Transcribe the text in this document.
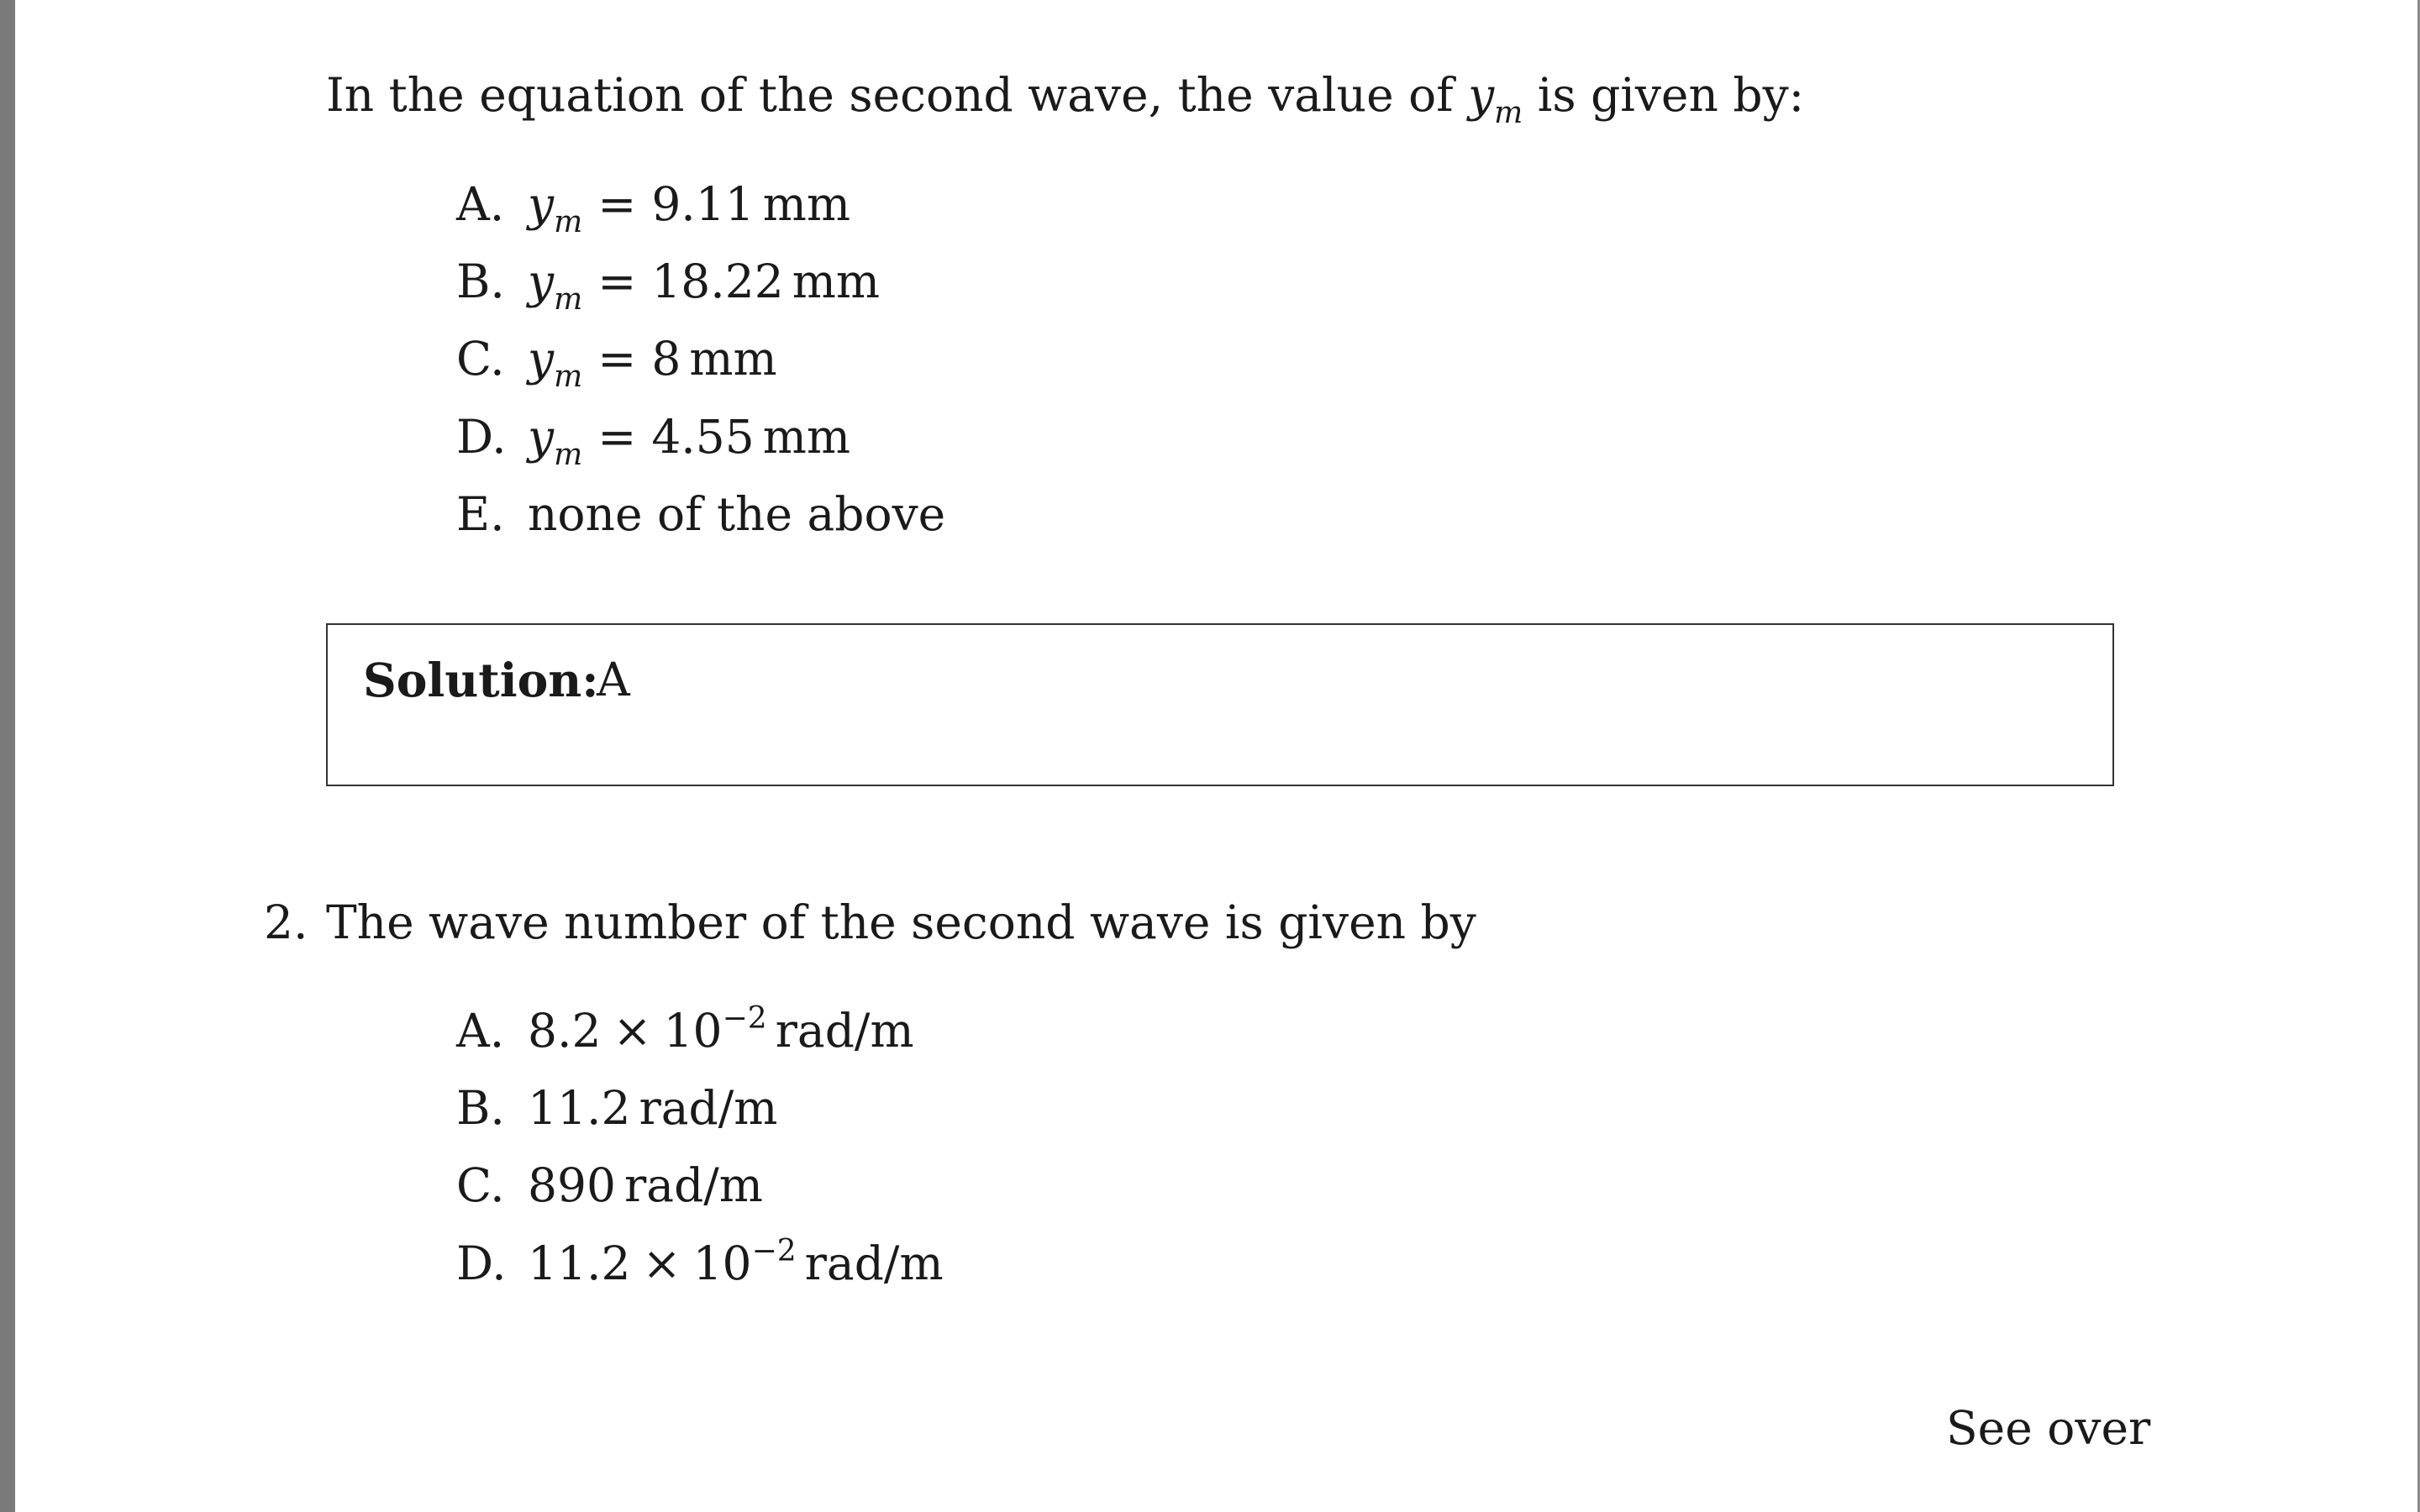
In the equation of the second wave, the value of $y_m$ is given by:
A. $y_m = 9.11$ mm
B. $y_m = 18.22$ mm
C. $y_m = 8$ mm
D. $y_m = 4.55$ mm
E. none of the above
Solution:
A
2. The wave number of the second wave is given by
A. $8.2 \times 10^{-2}$ rad/m
B. 11.2 rad/m
C. 890 rad/m
D. $11.2 \times 10^{-2}$ rad/m
See over
